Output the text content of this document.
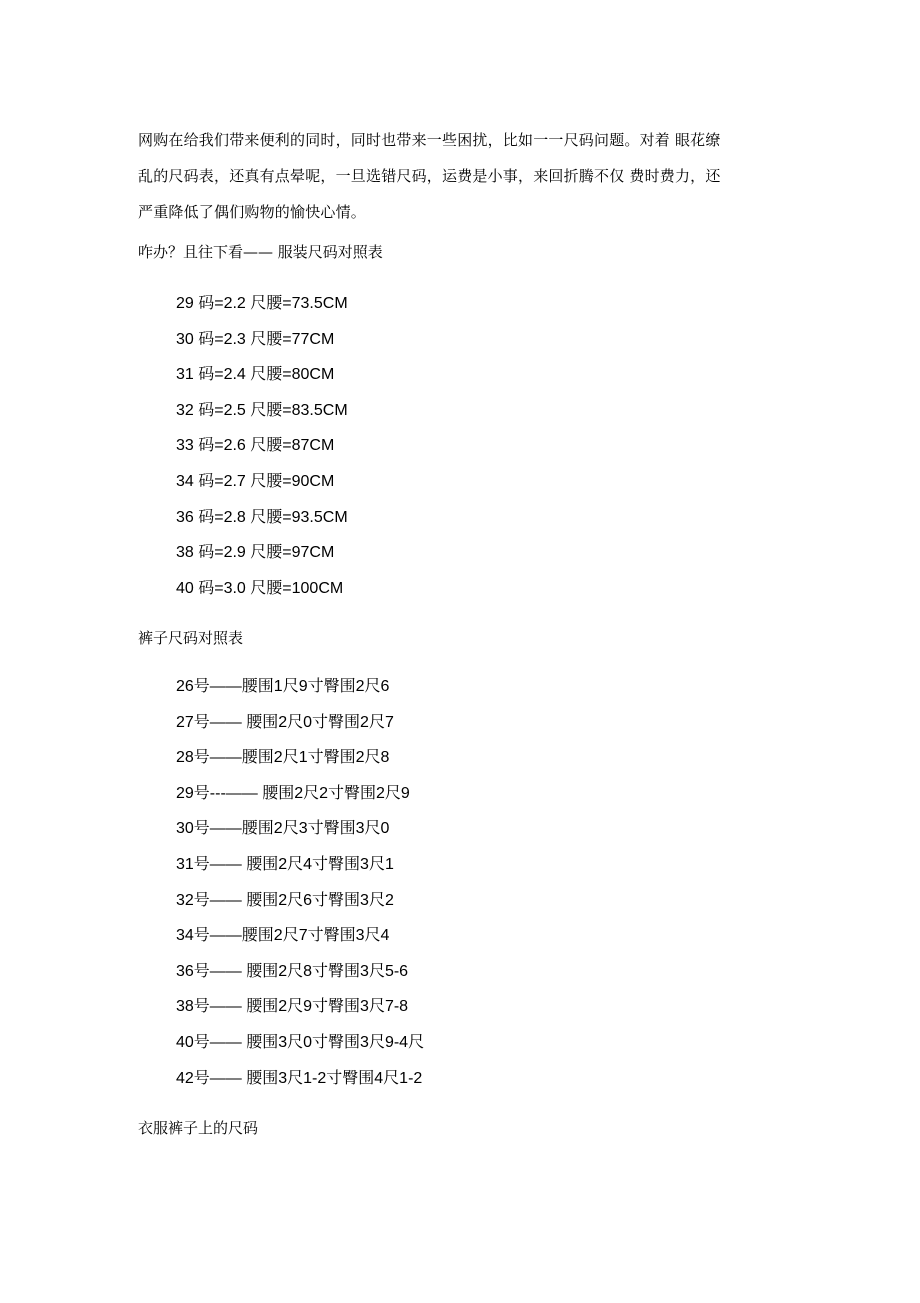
网购在给我们带来便利的同时，同时也带来一些困扰，比如一一尺码问题。对着 眼花缭
乱的尺码表，还真有点晕呢，一旦选错尺码，运费是小事，来回折腾不仅 费时费力，还
严重降低了偶们购物的愉快心情。
咋办？且往下看—— 服装尺码对照表
29 码=2.2 尺腰=73.5CM
30 码=2.3 尺腰=77CM
31 码=2.4 尺腰=80CM
32 码=2.5 尺腰=83.5CM
33 码=2.6 尺腰=87CM
34 码=2.7 尺腰=90CM
36 码=2.8 尺腰=93.5CM
38 码=2.9 尺腰=97CM
40 码=3.0 尺腰=100CM
裤子尺码对照表
26号——腰围1尺9寸臀围2尺6
27号—— 腰围2尺0寸臀围2尺7
28号——腰围2尺1寸臀围2尺8
29号---—— 腰围2尺2寸臀围2尺9
30号——腰围2尺3寸臀围3尺0
31号—— 腰围2尺4寸臀围3尺1
32号—— 腰围2尺6寸臀围3尺2
34号——腰围2尺7寸臀围3尺4
36号—— 腰围2尺8寸臀围3尺5-6
38号—— 腰围2尺9寸臀围3尺7-8
40号—— 腰围3尺0寸臀围3尺9-4尺
42号—— 腰围3尺1-2寸臀围4尺1-2
衣服裤子上的尺码
